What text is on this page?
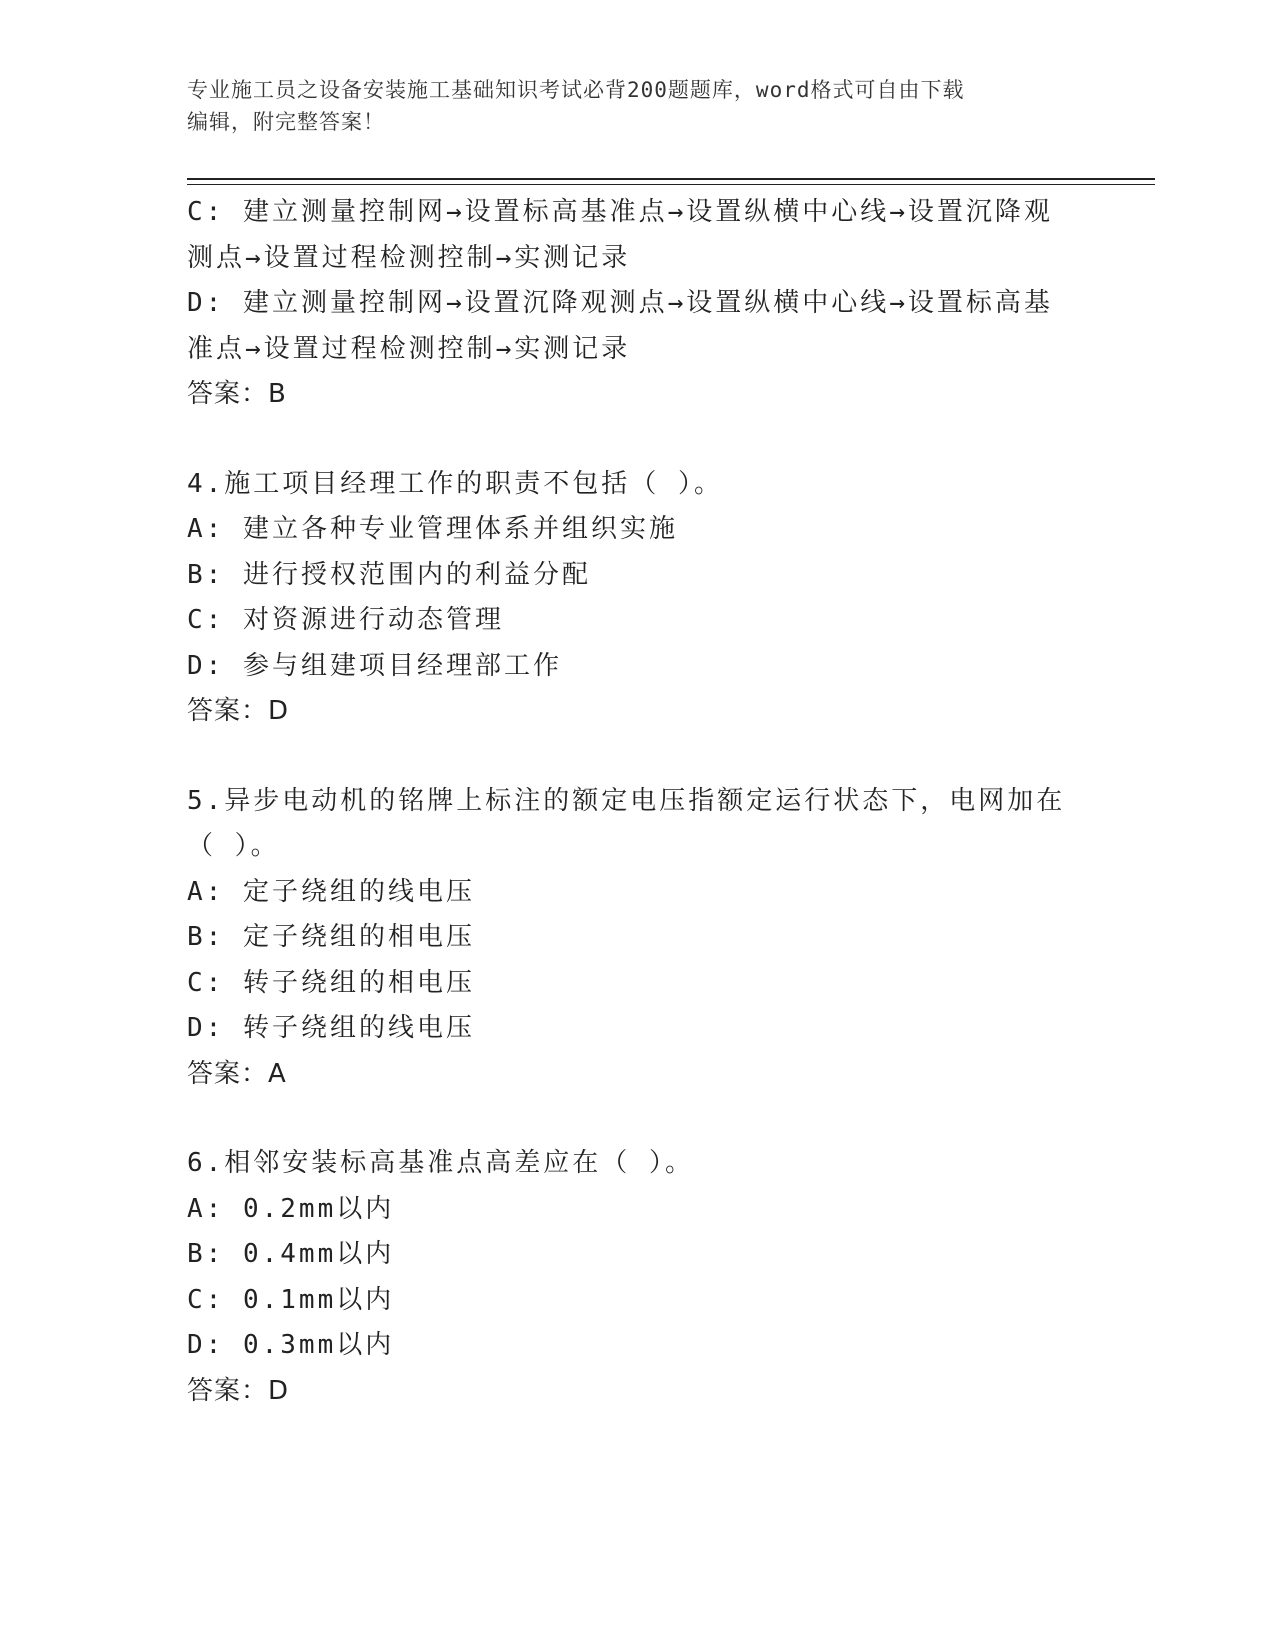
专业施工员之设备安装施工基础知识考试必背200题题库，word格式可自由下载
编辑，附完整答案！
C: 建立测量控制网→设置标高基准点→设置纵横中心线→设置沉降观
测点→设置过程检测控制→实测记录
D: 建立测量控制网→设置沉降观测点→设置纵横中心线→设置标高基
准点→设置过程检测控制→实测记录
答案：B
4.施工项目经理工作的职责不包括（ ）。
A: 建立各种专业管理体系并组织实施
B: 进行授权范围内的利益分配
C: 对资源进行动态管理
D: 参与组建项目经理部工作
答案：D
5.异步电动机的铭牌上标注的额定电压指额定运行状态下，电网加在
（ ）。
A: 定子绕组的线电压
B: 定子绕组的相电压
C: 转子绕组的相电压
D: 转子绕组的线电压
答案：A
6.相邻安装标高基准点高差应在（ ）。
A: 0.2mm以内
B: 0.4mm以内
C: 0.1mm以内
D: 0.3mm以内
答案：D
